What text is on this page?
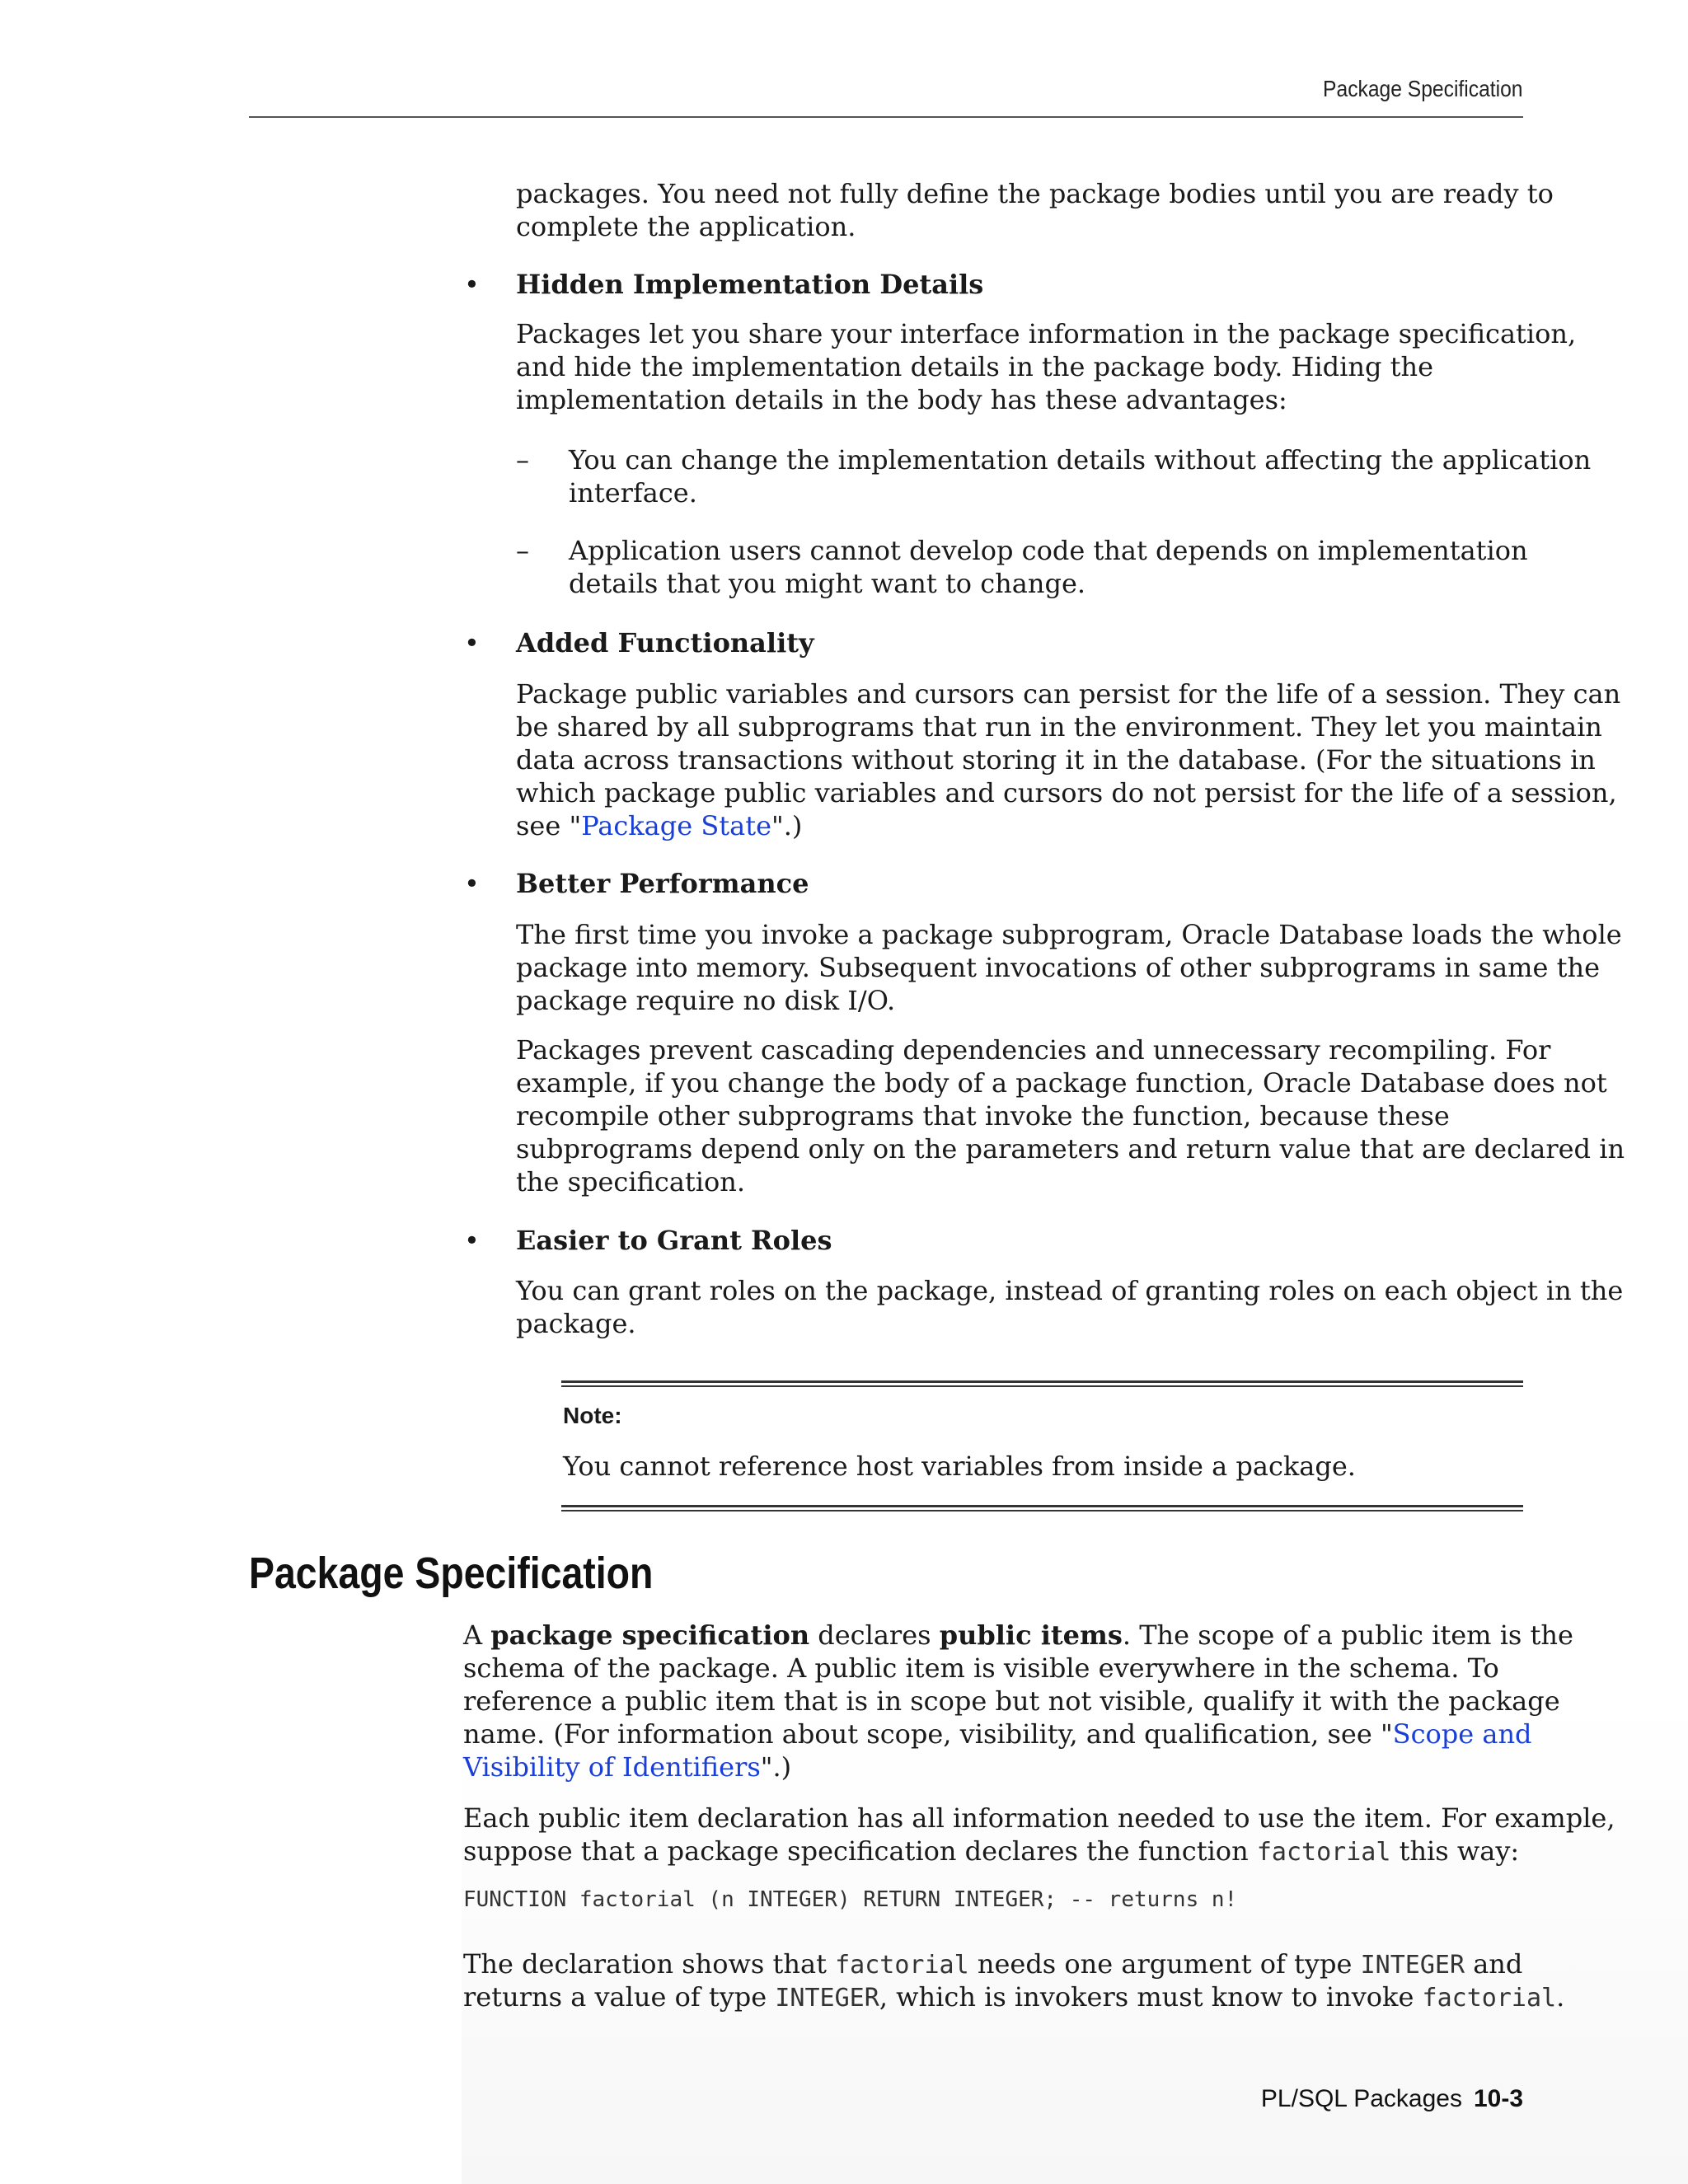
Package Specification

packages. You need not fully define the package bodies until you are ready to

complete the application.

• Hidden Implementation Details

Packages let you share your interface information in the package specification,

and hide the implementation details in the package body. Hiding the

implementation details in the body has these advantages:

– You can change the implementation details without affecting the application

interface.

– Application users cannot develop code that depends on implementation

details that you might want to change.

• Added Functionality

Package public variables and cursors can persist for the life of a session. They can

be shared by all subprograms that run in the environment. They let you maintain

data across transactions without storing it in the database. (For the situations in

which package public variables and cursors do not persist for the life of a session,

see "Package State".)

• Better Performance

The first time you invoke a package subprogram, Oracle Database loads the whole

package into memory. Subsequent invocations of other subprograms in same the

package require no disk I/O.

Packages prevent cascading dependencies and unnecessary recompiling. For

example, if you change the body of a package function, Oracle Database does not

recompile other subprograms that invoke the function, because these

subprograms depend only on the parameters and return value that are declared in

the specification.

• Easier to Grant Roles

You can grant roles on the package, instead of granting roles on each object in the

package.

Note:

You cannot reference host variables from inside a package.

Package Specification

A package specification declares public items. The scope of a public item is the

schema of the package. A public item is visible everywhere in the schema. To

reference a public item that is in scope but not visible, qualify it with the package

name. (For information about scope, visibility, and qualification, see "Scope and

Visibility of Identifiers".)

Each public item declaration has all information needed to use the item. For example,

suppose that a package specification declares the function factorial this way:

FUNCTION factorial (n INTEGER) RETURN INTEGER; -- returns n!

The declaration shows that factorial needs one argument of type INTEGER and

returns a value of type INTEGER, which is invokers must know to invoke factorial.

PL/SQL Packages 10-3
